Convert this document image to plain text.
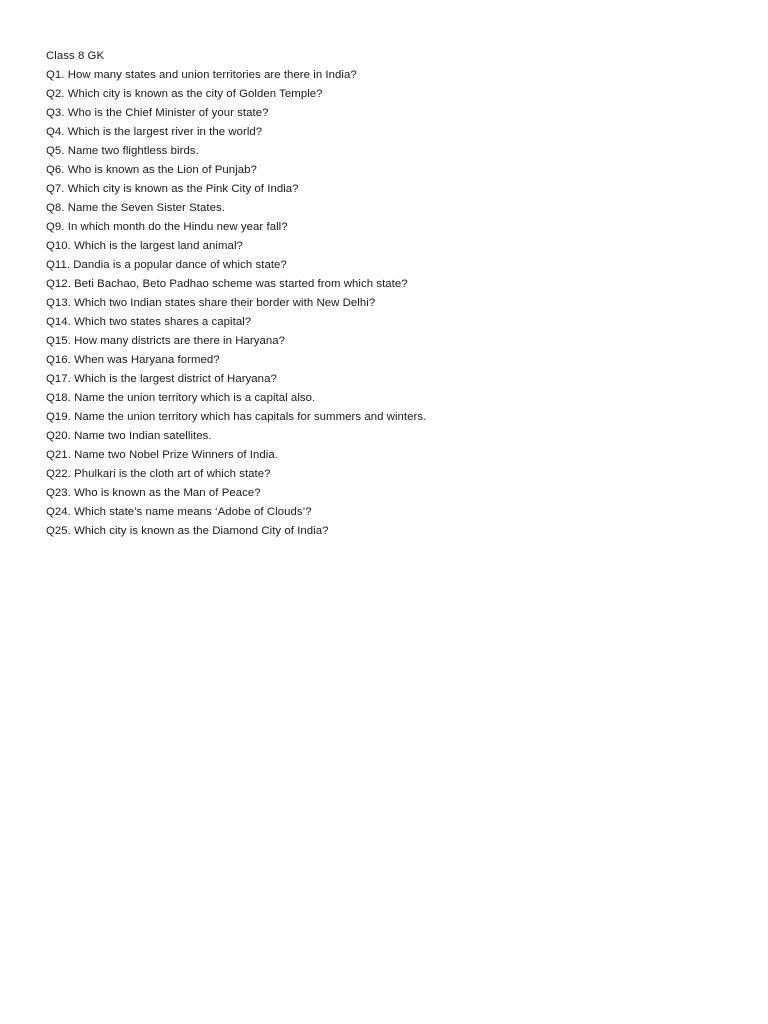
Class 8 GK
Q1. How many states and union territories are there in India?
Q2. Which city is known as the city of Golden Temple?
Q3. Who is the Chief Minister of your state?
Q4. Which is the largest river in the world?
Q5. Name two flightless birds.
Q6. Who is known as the Lion of Punjab?
Q7. Which city is known as the Pink City of India?
Q8. Name the Seven Sister States.
Q9. In which month do the Hindu new year fall?
Q10. Which is the largest land animal?
Q11. Dandia is a popular dance of which state?
Q12. Beti Bachao, Beto Padhao scheme was started from which state?
Q13. Which two Indian states share their border with New Delhi?
Q14. Which two states shares a capital?
Q15. How many districts are there in Haryana?
Q16. When was Haryana formed?
Q17. Which is the largest district of Haryana?
Q18. Name the union territory which is a capital also.
Q19. Name the union territory which has capitals for summers and winters.
Q20. Name two Indian satellites.
Q21. Name two Nobel Prize Winners of India.
Q22. Phulkari is the cloth art of which state?
Q23. Who is known as the Man of Peace?
Q24. Which state’s name means ‘Adobe of Clouds’?
Q25. Which city is known as the Diamond City of India?
